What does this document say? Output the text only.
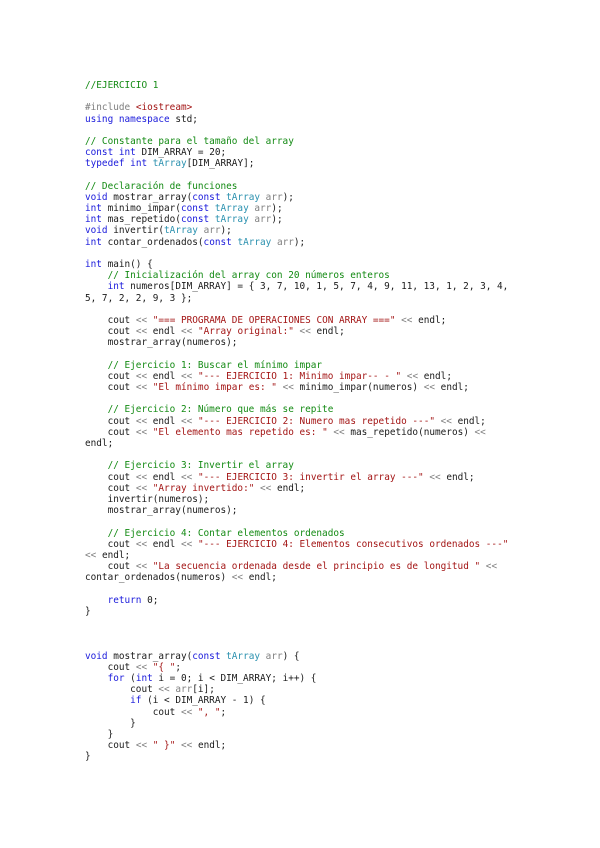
//EJERCICIO 1

#include <iostream>
using namespace std;

// Constante para el tamaño del array
const int DIM_ARRAY = 20;
typedef int tArray[DIM_ARRAY];

// Declaración de funciones
void mostrar_array(const tArray arr);
int minimo_impar(const tArray arr);
int mas_repetido(const tArray arr);
void invertir(tArray arr);
int contar_ordenados(const tArray arr);

int main() {
// Inicialización del array con 20 números enteros
int numeros[DIM_ARRAY] = { 3, 7, 10, 1, 5, 7, 4, 9, 11, 13, 1, 2, 3, 4,
5, 7, 2, 2, 9, 3 };

cout << "=== PROGRAMA DE OPERACIONES CON ARRAY ===" << endl;
cout << endl << "Array original:" << endl;
mostrar_array(numeros);

// Ejercicio 1: Buscar el mínimo impar
cout << endl << "--- EJERCICIO 1: Minimo impar-- - " << endl;
cout << "El mínimo impar es: " << minimo_impar(numeros) << endl;

// Ejercicio 2: Número que más se repite
cout << endl << "--- EJERCICIO 2: Numero mas repetido ---" << endl;
cout << "El elemento mas repetido es: " << mas_repetido(numeros) <<
endl;

// Ejercicio 3: Invertir el array
cout << endl << "--- EJERCICIO 3: invertir el array ---" << endl;
cout << "Array invertido:" << endl;
invertir(numeros);
mostrar_array(numeros);

// Ejercicio 4: Contar elementos ordenados
cout << endl << "--- EJERCICIO 4: Elementos consecutivos ordenados ---"
<< endl;
cout << "La secuencia ordenada desde el principio es de longitud " <<
contar_ordenados(numeros) << endl;

return 0;
}

void mostrar_array(const tArray arr) {
cout << "{ ";
for (int i = 0; i < DIM_ARRAY; i++) {
cout << arr[i];
if (i < DIM_ARRAY - 1) {
cout << ", ";
}
}
cout << " }" << endl;
}
